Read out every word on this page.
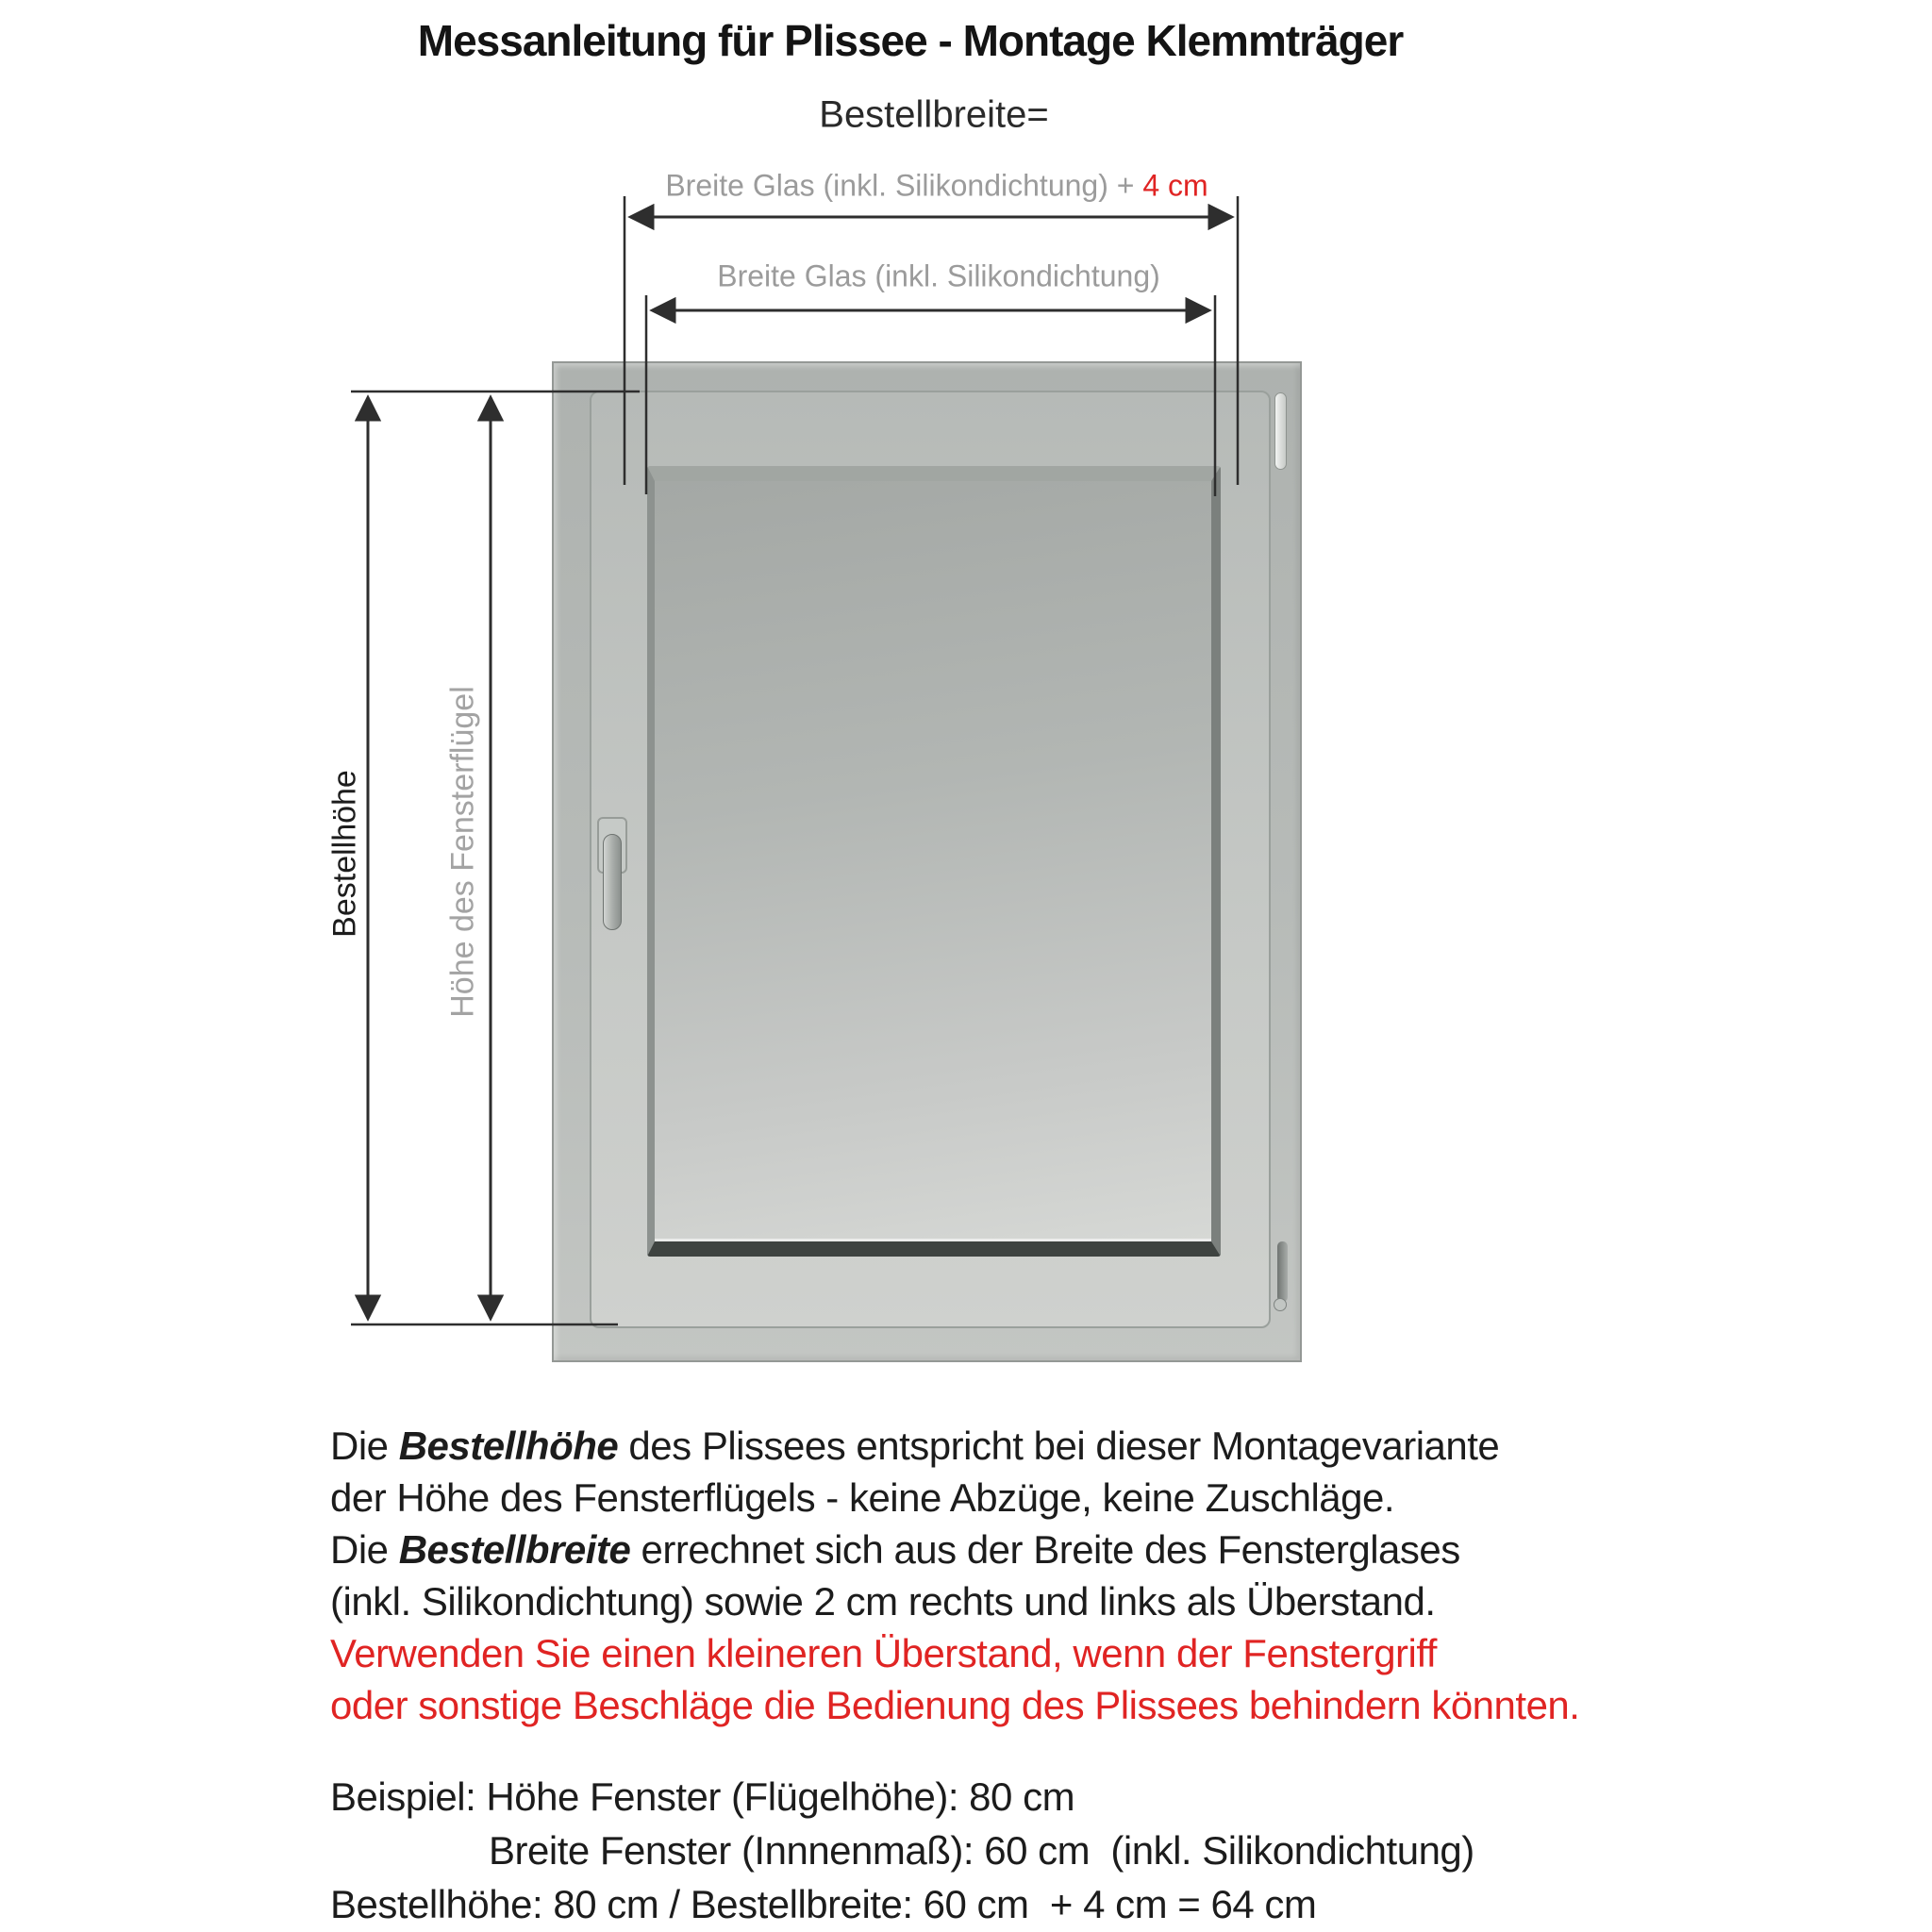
Messanleitung für Plissee - Montage Klemmträger
Bestellbreite=
Breite Glas (inkl. Silikondichtung) + 4 cm
Breite Glas (inkl. Silikondichtung)
Bestellhöhe	Höhe des Fensterflügel
Die Bestellhöhe des Plissees entspricht bei dieser Montagevariante
der Höhe des Fensterflügels - keine Abzüge, keine Zuschläge.
Die Bestellbreite errechnet sich aus der Breite des Fensterglases
(inkl. Silikondichtung) sowie 2 cm rechts und links als Überstand.
Verwenden Sie einen kleineren Überstand, wenn der Fenstergriff
oder sonstige Beschläge die Bedienung des Plissees behindern könnten.
Beispiel: Höhe Fenster (Flügelhöhe): 80 cm
Breite Fenster (Innnenmaß): 60 cm  (inkl. Silikondichtung)
Bestellhöhe: 80 cm / Bestellbreite: 60 cm  + 4 cm = 64 cm
